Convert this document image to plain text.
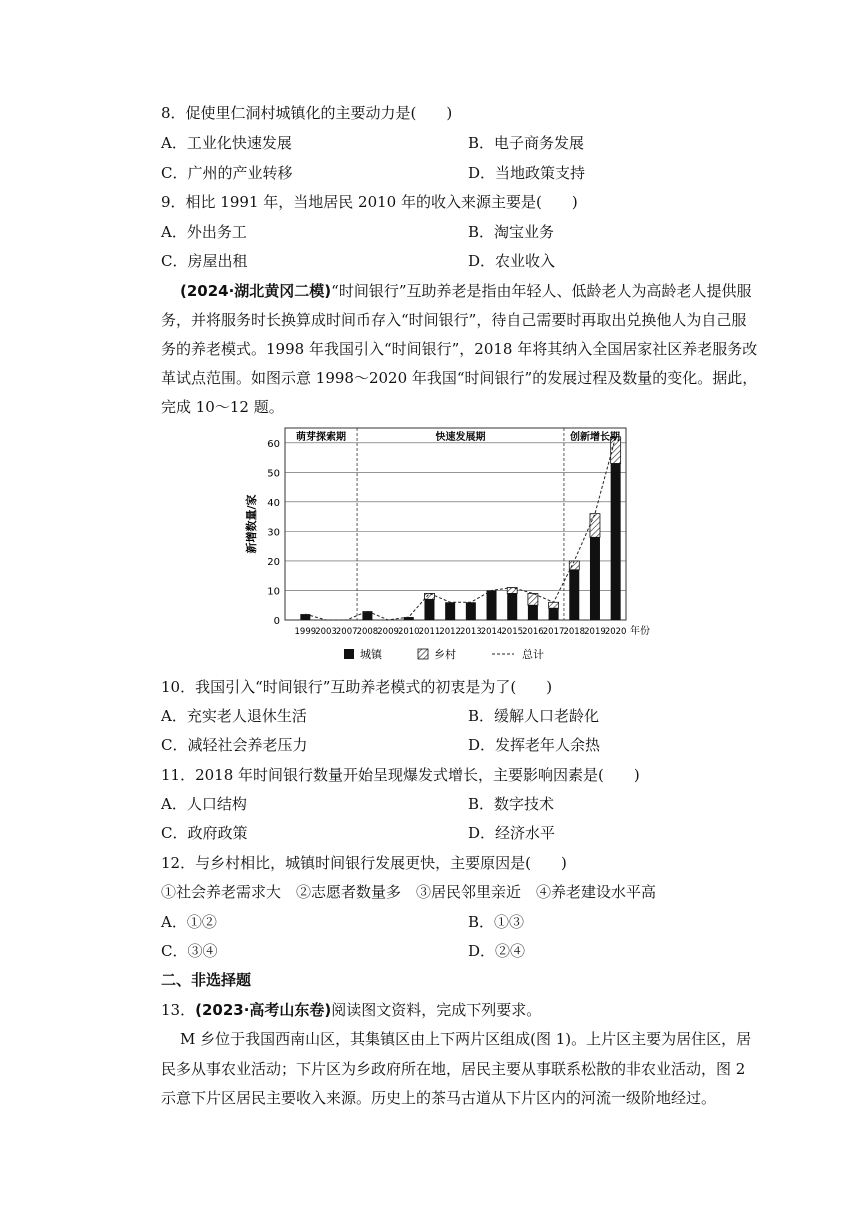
8．促使里仁洞村城镇化的主要动力是(　　)
A．工业化快速发展	B．电子商务发展
C．广州的产业转移	D．当地政策支持
9．相比 1991 年，当地居民 2010 年的收入来源主要是(　　)
A．外出务工	B．淘宝业务
C．房屋出租	D．农业收入
(2024·湖北黄冈二模)“时间银行”互助养老是指由年轻人、低龄老人为高龄老人提供服
务，并将服务时长换算成时间币存入“时间银行”，待自己需要时再取出兑换他人为自己服
务的养老模式。1998 年我国引入“时间银行”，2018 年将其纳入全国居家社区养老服务改
革试点范围。如图示意 1998～2020 年我国“时间银行”的发展过程及数量的变化。据此，
完成 10～12 题。
0
10
20
30
40
50
60
萌芽探索期	快速发展期	创新增长期
1999 2003 2007 2008 2009 2010 2011 2012 2013 2014 2015 2016 2017 2018 2019 2020 年份
新增数量/家
城镇	乡村	总计
10．我国引入“时间银行”互助养老模式的初衷是为了(　　)
A．充实老人退休生活	B．缓解人口老龄化
C．减轻社会养老压力	D．发挥老年人余热
11．2018 年时间银行数量开始呈现爆发式增长，主要影响因素是(　　)
A．人口结构	B．数字技术
C．政府政策	D．经济水平
12．与乡村相比，城镇时间银行发展更快，主要原因是(　　)
①社会养老需求大　②志愿者数量多　③居民邻里亲近　④养老建设水平高
A．①②	B．①③
C．③④	D．②④
二、非选择题
13．(2023·高考山东卷)阅读图文资料，完成下列要求。
M 乡位于我国西南山区，其集镇区由上下两片区组成(图 1)。上片区主要为居住区，居
民多从事农业活动；下片区为乡政府所在地，居民主要从事联系松散的非农业活动，图 2
示意下片区居民主要收入来源。历史上的茶马古道从下片区内的河流一级阶地经过。
